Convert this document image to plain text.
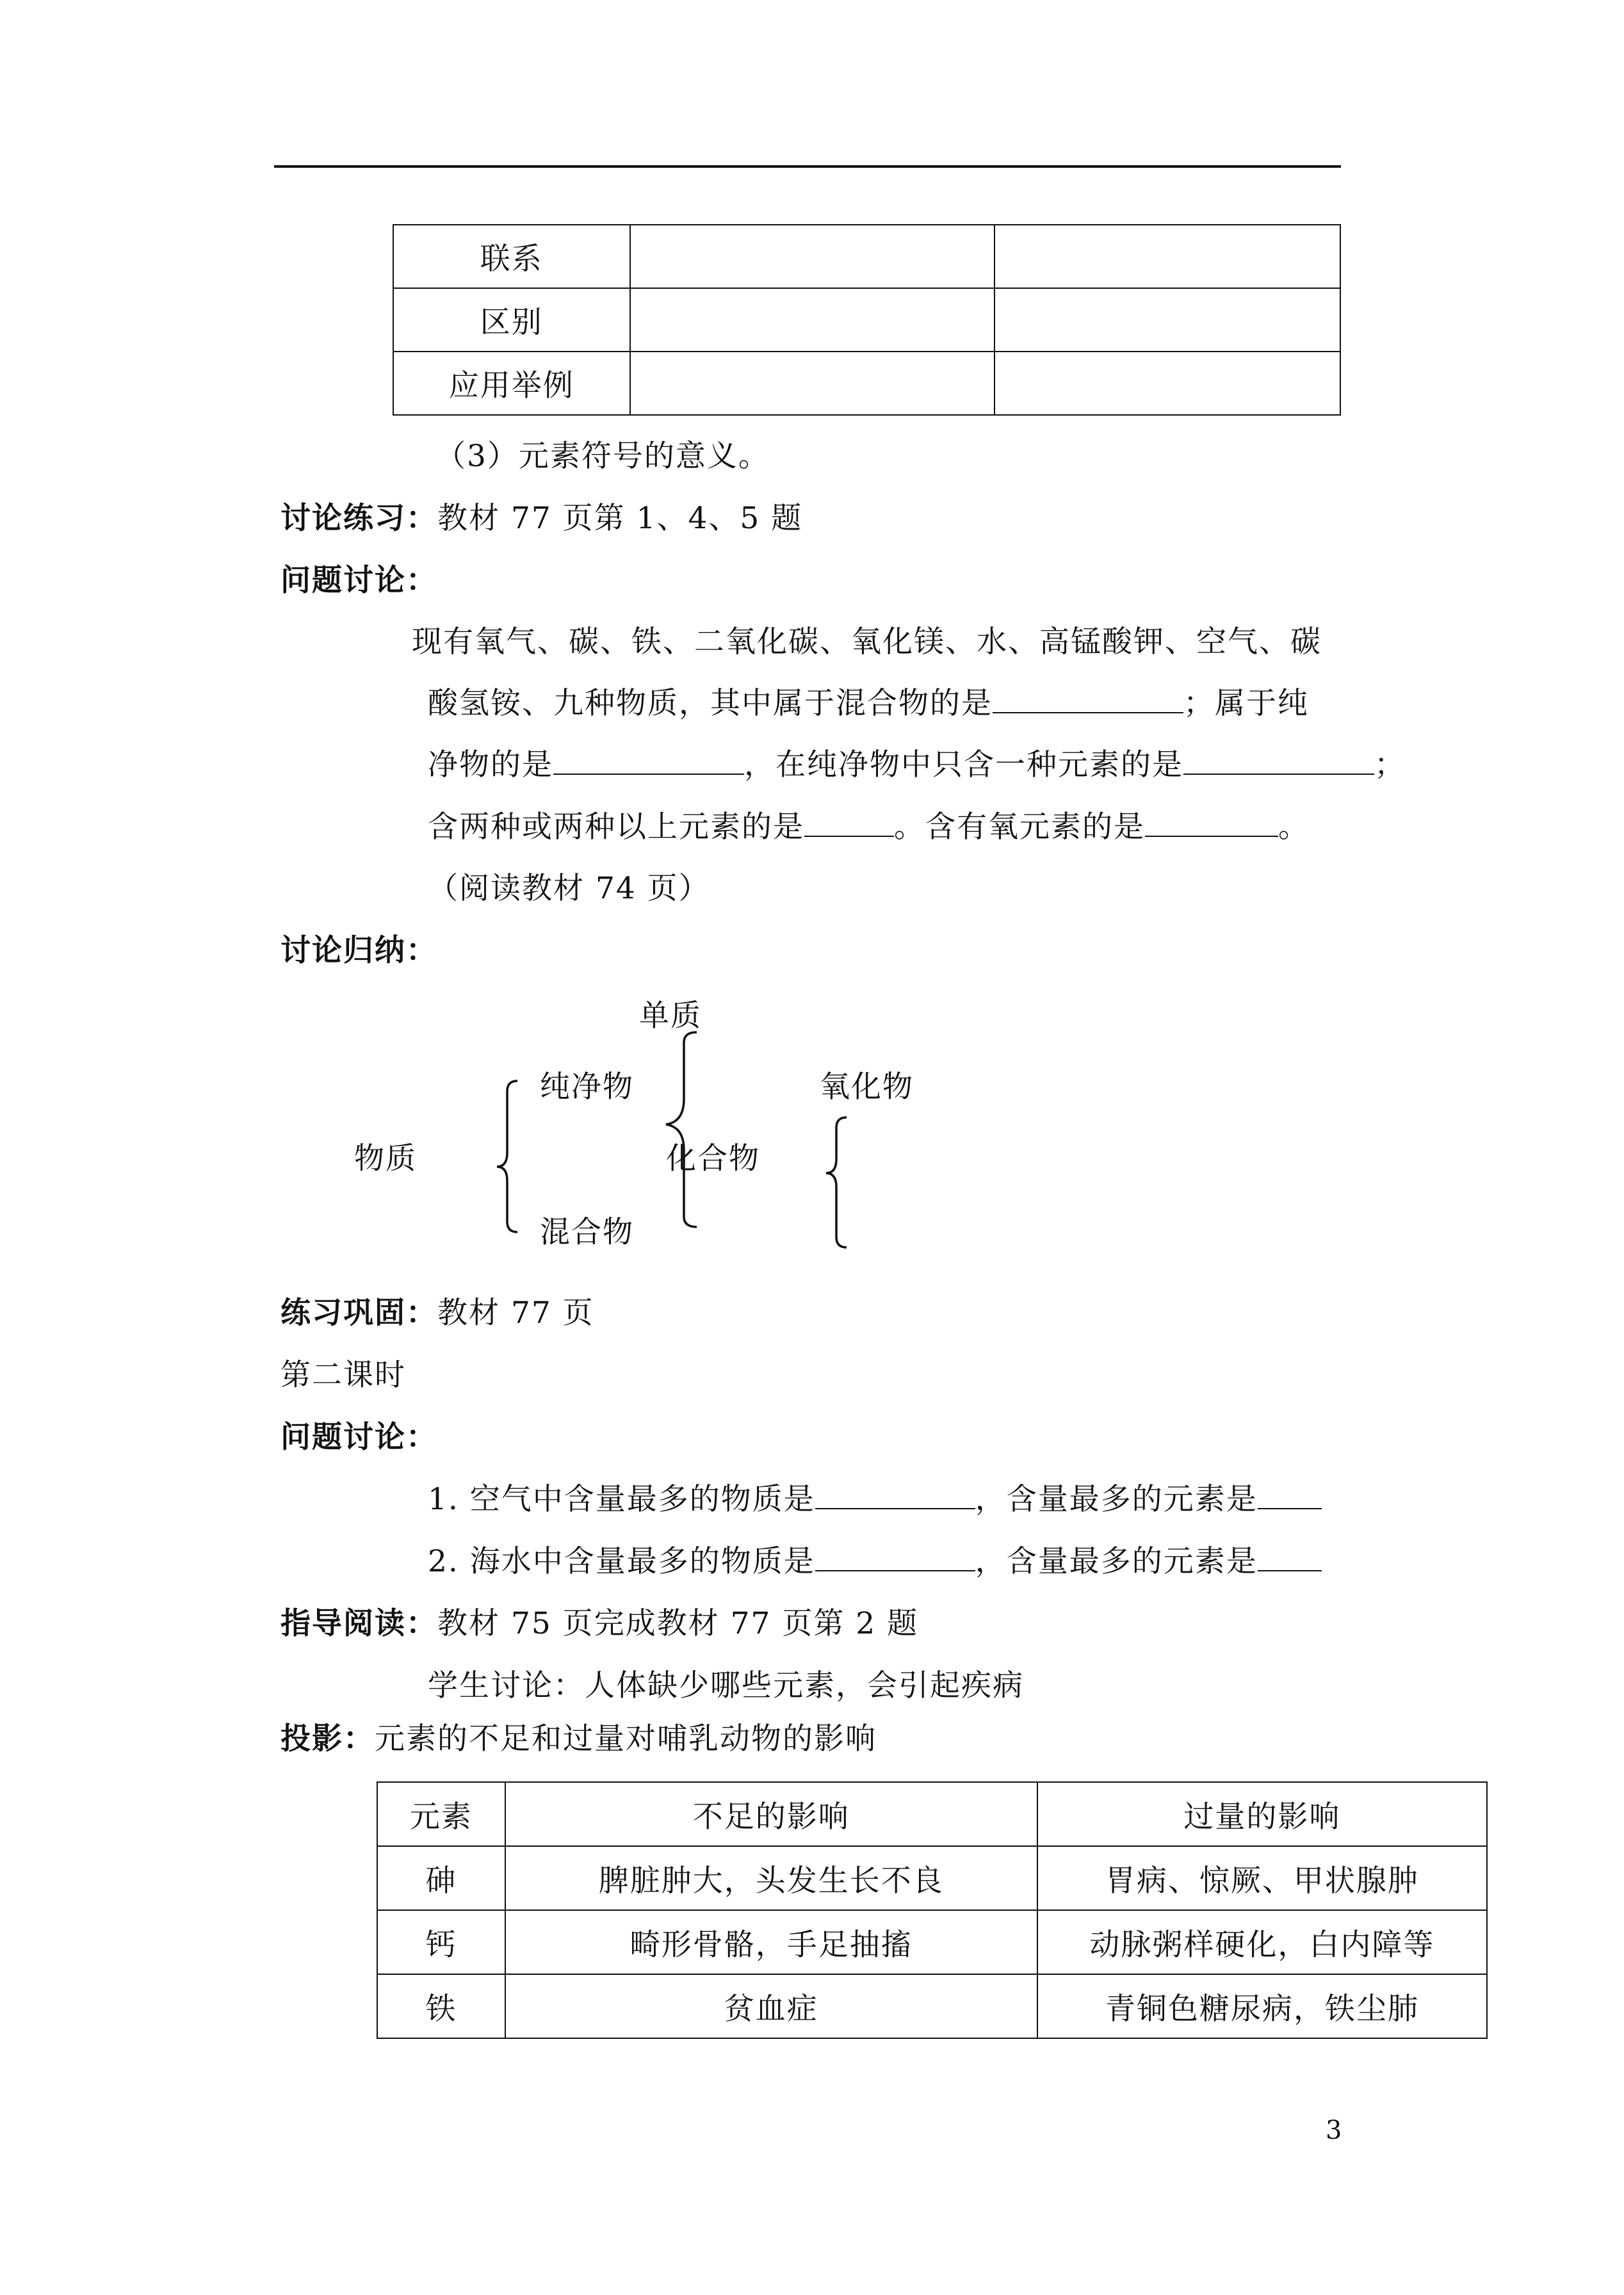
联系		
区别		
应用举例		
（3）元素符号的意义。
讨论练习：教材 77 页第 1、4、5 题
问题讨论：
现有氧气、碳、铁、二氧化碳、氧化镁、水、高锰酸钾、空气、碳
酸氢铵、九种物质，其中属于混合物的是	；属于纯
净物的是	，在纯净物中只含一种元素的是	；
含两种或两种以上元素的是	。含有氧元素的是	。
（阅读教材 74 页）
讨论归纳：
单质
纯净物	氧化物
物质	化合物
混合物
练习巩固：教材 77 页
第二课时
问题讨论：
1. 空气中含量最多的物质是	，含量最多的元素是
2. 海水中含量最多的物质是	，含量最多的元素是
指导阅读：教材 75 页完成教材 77 页第 2 题
学生讨论：人体缺少哪些元素，会引起疾病
投影：元素的不足和过量对哺乳动物的影响
元素	不足的影响	过量的影响
砷	脾脏肿大，头发生长不良	胃病、惊厥、甲状腺肿
钙	畸形骨骼，手足抽搐	动脉粥样硬化，白内障等
铁	贫血症	青铜色糖尿病，铁尘肺
3
